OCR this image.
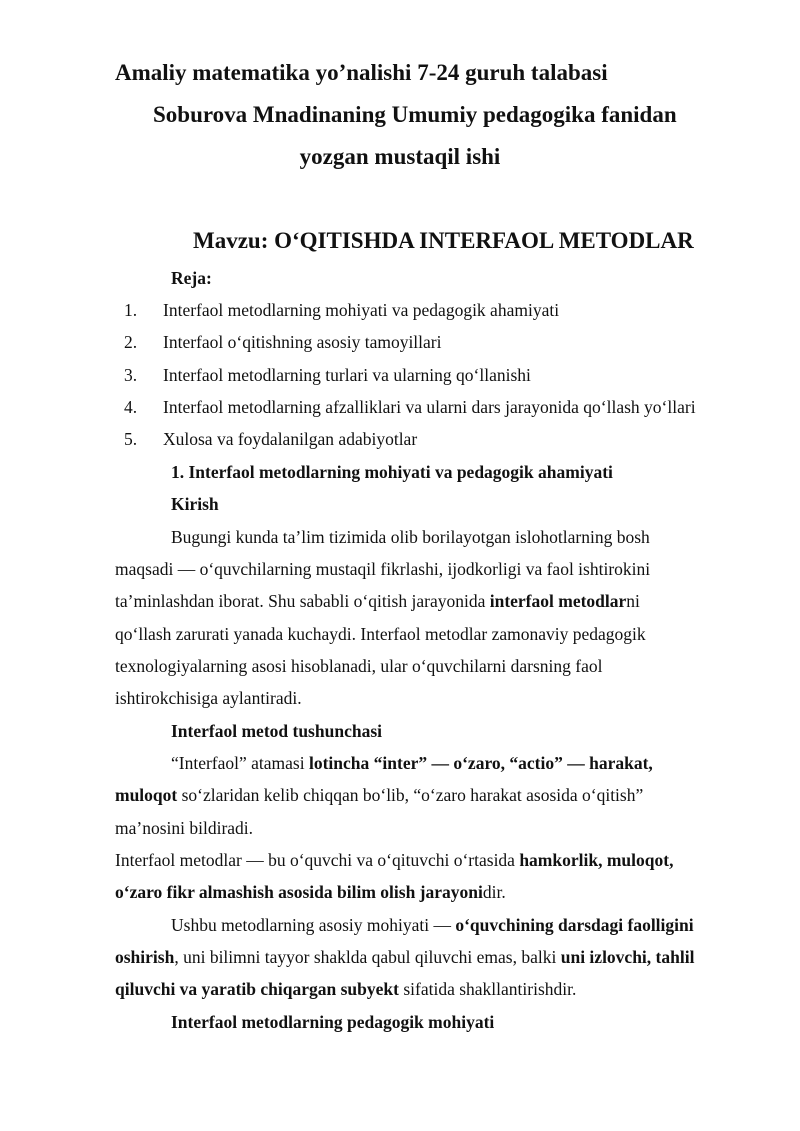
Amaliy matematika yo’nalishi 7-24 guruh talabasi
Soburova Mnadinaning Umumiy pedagogika fanidan
yozgan mustaqil ishi
Mavzu: O‘QITISHDA INTERFAOL METODLAR
Reja:
1. Interfaol metodlarning mohiyati va pedagogik ahamiyati
2. Interfaol o‘qitishning asosiy tamoyillari
3. Interfaol metodlarning turlari va ularning qo‘llanishi
4. Interfaol metodlarning afzalliklari va ularni dars jarayonida qo‘llash yo‘llari
5. Xulosa va foydalanilgan adabiyotlar
1. Interfaol metodlarning mohiyati va pedagogik ahamiyati
Kirish
Bugungi kunda ta’lim tizimida olib borilayotgan islohotlarning bosh
maqsadi — o‘quvchilarning mustaqil fikrlashi, ijodkorligi va faol ishtirokini
ta’minlashdan iborat. Shu sababli o‘qitish jarayonida interfaol metodlarni
qo‘llash zarurati yanada kuchaydi. Interfaol metodlar zamonaviy pedagogik
texnologiyalarning asosi hisoblanadi, ular o‘quvchilarni darsning faol
ishtirokchisiga aylantiradi.
Interfaol metod tushunchasi
“Interfaol” atamasi lotincha “inter” — o‘zaro, “actio” — harakat,
muloqot so‘zlaridan kelib chiqqan bo‘lib, “o‘zaro harakat asosida o‘qitish”
ma’nosini bildiradi.
Interfaol metodlar — bu o‘quvchi va o‘qituvchi o‘rtasida hamkorlik, muloqot,
o‘zaro fikr almashish asosida bilim olish jarayonidir.
Ushbu metodlarning asosiy mohiyati — o‘quvchining darsdagi faolligini
oshirish, uni bilimni tayyor shaklda qabul qiluvchi emas, balki uni izlovchi, tahlil
qiluvchi va yaratib chiqargan subyekt sifatida shakllantirishdir.
Interfaol metodlarning pedagogik mohiyati
